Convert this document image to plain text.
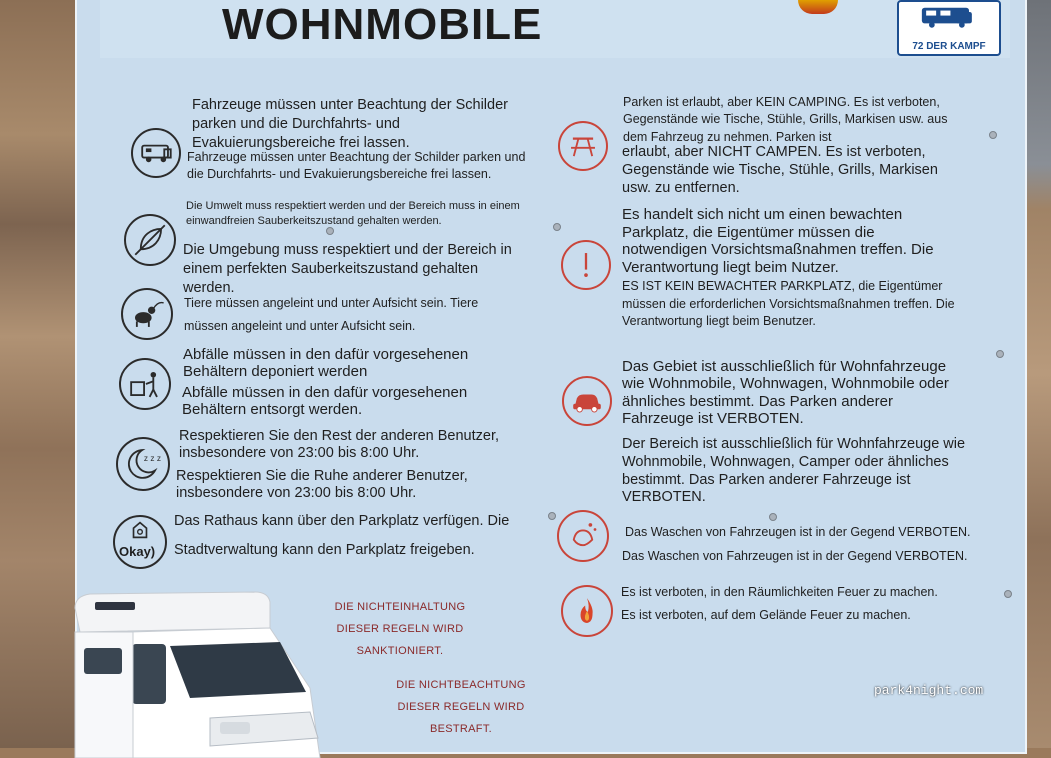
WOHNMOBILE	72 DER KAMPF
z z z
Okay)
Fahrzeuge müssen unter Beachtung der Schilder parken und die Durchfahrts- und Evakuierungsbereiche frei lassen.
Fahrzeuge müssen unter Beachtung der Schilder parken und die Durchfahrts- und Evakuierungsbereiche frei lassen.
Die Umwelt muss respektiert werden und der Bereich muss in einem einwandfreien Sauberkeitszustand gehalten werden.
Die Umgebung muss respektiert und der Bereich in einem perfekten Sauberkeitszustand gehalten werden.
Tiere müssen angeleint und unter Aufsicht sein. Tiere müssen angeleint und unter Aufsicht sein.
Abfälle müssen in den dafür vorgesehenen Behältern deponiert werden
Abfälle müssen in den dafür vorgesehenen Behältern entsorgt werden.
Respektieren Sie den Rest der anderen Benutzer, insbesondere von 23:00 bis 8:00 Uhr.
Respektieren Sie die Ruhe anderer Benutzer, insbesondere von 23:00 bis 8:00 Uhr.
Das Rathaus kann über den Parkplatz verfügen. Die
Stadtverwaltung kann den Parkplatz freigeben.
Parken ist erlaubt, aber KEIN CAMPING. Es ist verboten, Gegenstände wie Tische, Stühle, Grills, Markisen usw. aus dem Fahrzeug zu nehmen. Parken ist
erlaubt, aber NICHT CAMPEN. Es ist verboten, Gegenstände wie Tische, Stühle, Grills, Markisen usw. zu entfernen.
Es handelt sich nicht um einen bewachten Parkplatz, die Eigentümer müssen die notwendigen Vorsichtsmaßnahmen treffen. Die Verantwortung liegt beim Nutzer.
ES IST KEIN BEWACHTER PARKPLATZ, die Eigentümer müssen die erforderlichen Vorsichtsmaßnahmen treffen. Die Verantwortung liegt beim Benutzer.
Das Gebiet ist ausschließlich für Wohnfahrzeuge wie Wohnmobile, Wohnwagen, Wohnmobile oder ähnliches bestimmt. Das Parken anderer Fahrzeuge ist VERBOTEN.
Der Bereich ist ausschließlich für Wohnfahrzeuge wie Wohnmobile, Wohnwagen, Camper oder ähnliches bestimmt. Das Parken anderer Fahrzeuge ist VERBOTEN.
Das Waschen von Fahrzeugen ist in der Gegend VERBOTEN.
Das Waschen von Fahrzeugen ist in der Gegend VERBOTEN.
Es ist verboten, in den Räumlichkeiten Feuer zu machen.
Es ist verboten, auf dem Gelände Feuer zu machen.
DIE NICHTEINHALTUNG DIESER REGELN WIRD SANKTIONIERT.
DIE NICHTBEACHTUNG DIESER REGELN WIRD BESTRAFT.
park4night.com
